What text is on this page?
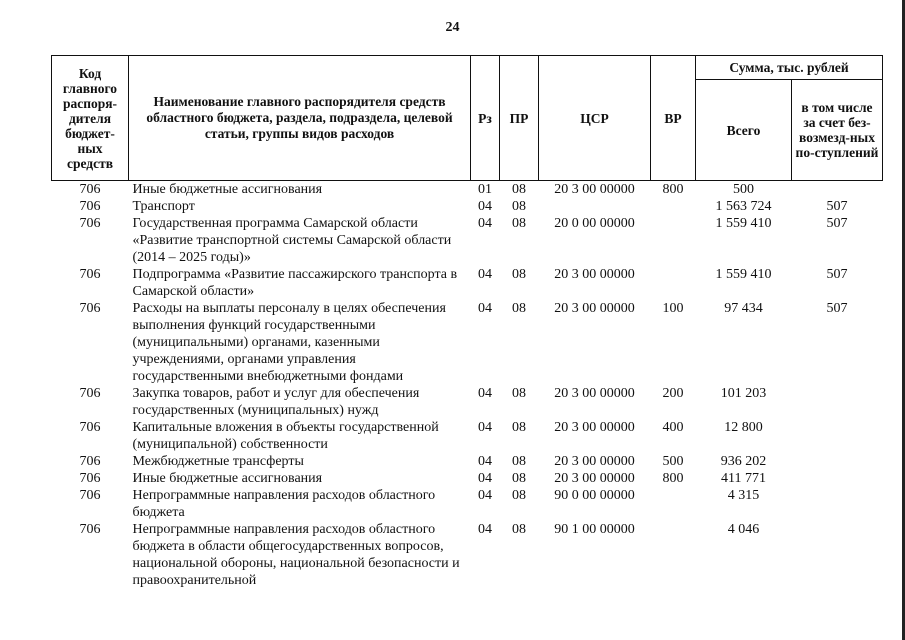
24
Код главного распоря-дителя бюджет-ных средств	Наименование главного распорядителя средств областного бюджета, раздела, подраздела, целевой статьи, группы видов расходов	Рз	ПР	ЦСР	ВР	Сумма, тыс. рублей	
						Всего	в том числе за счет без-возмезд-ных по-ступлений
706	Иные бюджетные ассигнования	01	08	20 3 00 00000	800	500	
706	Транспорт	04	08			1 563 724	507
706	Государственная программа Самарской области «Развитие транспортной системы Самарской области (2014 – 2025 годы)»	04	08	20 0 00 00000		1 559 410	507
706	Подпрограмма «Развитие пассажирского транспорта в Самарской области»	04	08	20 3 00 00000		1 559 410	507
706	Расходы на выплаты персоналу в целях обеспечения выполнения функций государственными (муниципальными) органами, казенными учреждениями, органами управления государственными внебюджетными фондами	04	08	20 3 00 00000	100	97 434	507
706	Закупка товаров, работ и услуг для обеспечения государственных (муниципальных) нужд	04	08	20 3 00 00000	200	101 203	
706	Капитальные вложения в объекты государственной (муниципальной) собственности	04	08	20 3 00 00000	400	12 800	
706	Межбюджетные трансферты	04	08	20 3 00 00000	500	936 202	
706	Иные бюджетные ассигнования	04	08	20 3 00 00000	800	411 771	
706	Непрограммные направления расходов областного бюджета	04	08	90 0 00 00000		4 315	
706	Непрограммные направления расходов областного бюджета в области общегосударственных вопросов, национальной обороны, национальной безопасности и правоохранительной	04	08	90 1 00 00000		4 046	
